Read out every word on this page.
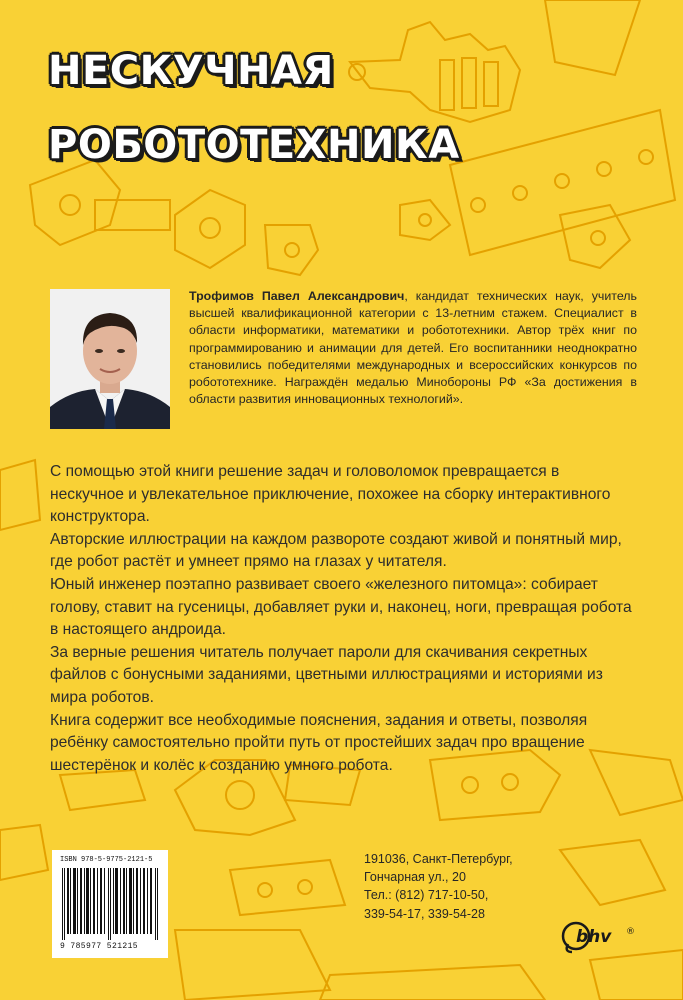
НЕСКУЧНАЯ
РОБОТОТЕХНИКА
Трофимов Павел Александрович, кандидат технических наук, учитель высшей квалификационной категории с 13-летним стажем. Специалист в области информатики, математики и робототехники. Автор трёх книг по программированию и анимации для детей. Его воспитанники неоднократно становились победителями международных и всероссийских конкурсов по робототехнике. Награждён медалью Минобороны РФ «За достижения в области развития инновационных технологий».

С помощью этой книги решение задач и головоломок превращается в нескучное и увлекательное приключение, похожее на сборку интерактивного конструктора.

Авторские иллюстрации на каждом развороте создают живой и понятный мир, где робот растёт и умнеет прямо на глазах у читателя.

Юный инженер поэтапно развивает своего «железного питомца»: собирает голову, ставит на гусеницы, добавляет руки и, наконец, ноги, превращая робота в настоящего андроида.

За верные решения читатель получает пароли для скачивания секретных файлов с бонусными заданиями, цветными иллюстрациями и историями из мира роботов.

Книга содержит все необходимые пояснения, задания и ответы, позволяя ребёнку самостоятельно пройти путь от простейших задач про вращение шестерёнок и колёс к созданию умного робота.

ISBN 978-5-9775-2121-5
9 785977 521215
191036, Санкт-Петербург,
Гончарная ул., 20
Тел.: (812) 717-10-50,
339-54-17, 339-54-28
bhv ®
